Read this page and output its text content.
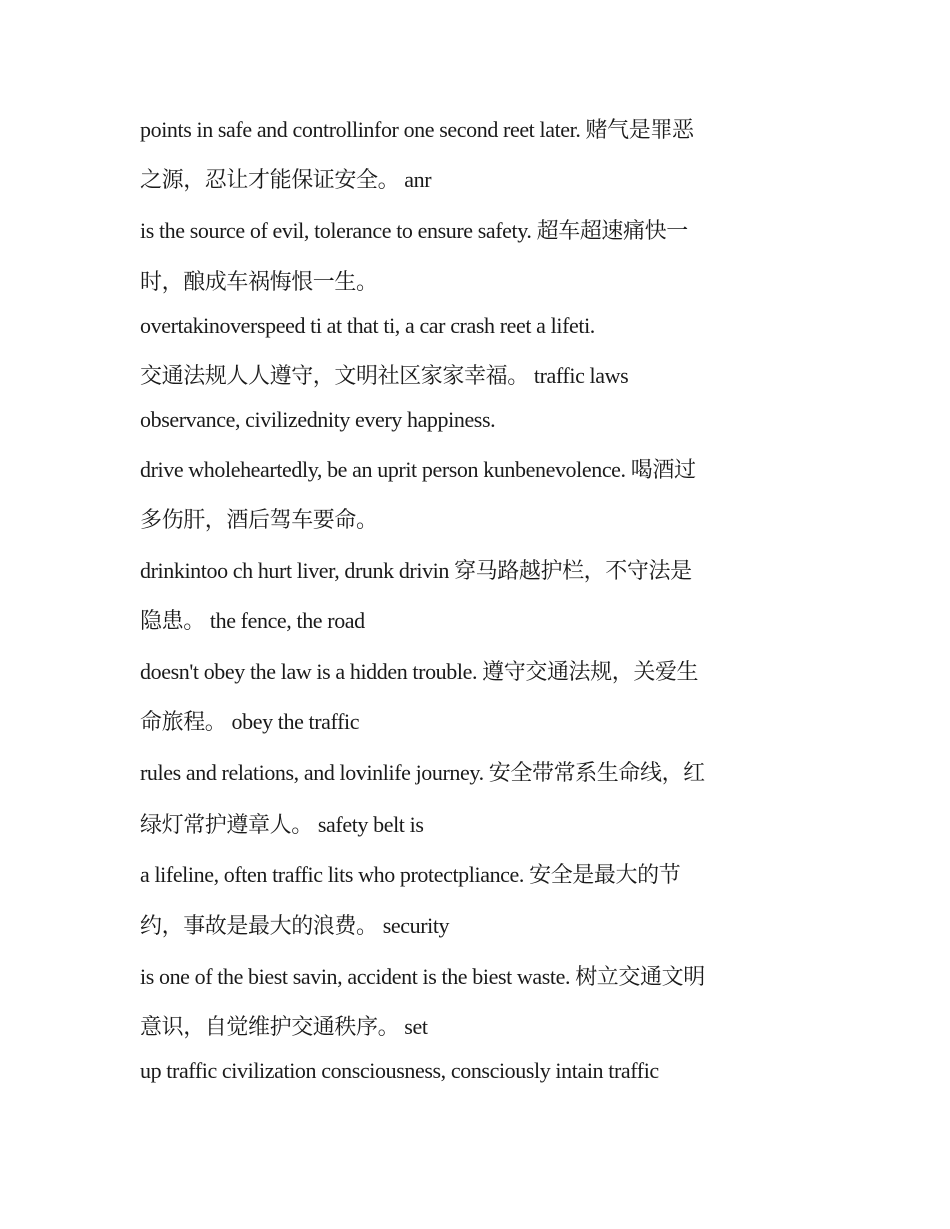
points in safe and controllinfor one second reet later. 赌气是罪恶
之源，忍让才能保证安全。 anr
is the source of evil, tolerance to ensure safety. 超车超速痛快一
时，酿成车祸悔恨一生。
overtakinoverspeed ti at that ti, a car crash reet a lifeti.
交通法规人人遵守，文明社区家家幸福。 traffic laws
observance, civilizednity every happiness.
drive wholeheartedly, be an uprit person kunbenevolence. 喝酒过
多伤肝，酒后驾车要命。
drinkintoo ch hurt liver, drunk drivin 穿马路越护栏，不守法是
隐患。 the fence, the road
doesn't obey the law is a hidden trouble. 遵守交通法规，关爱生
命旅程。 obey the traffic
rules and relations, and lovinlife journey. 安全带常系生命线，红
绿灯常护遵章人。 safety belt is
a lifeline, often traffic lits who protectpliance. 安全是最大的节
约，事故是最大的浪费。 security
is one of the biest savin, accident is the biest waste. 树立交通文明
意识，自觉维护交通秩序。 set
up traffic civilization consciousness, consciously intain traffic
